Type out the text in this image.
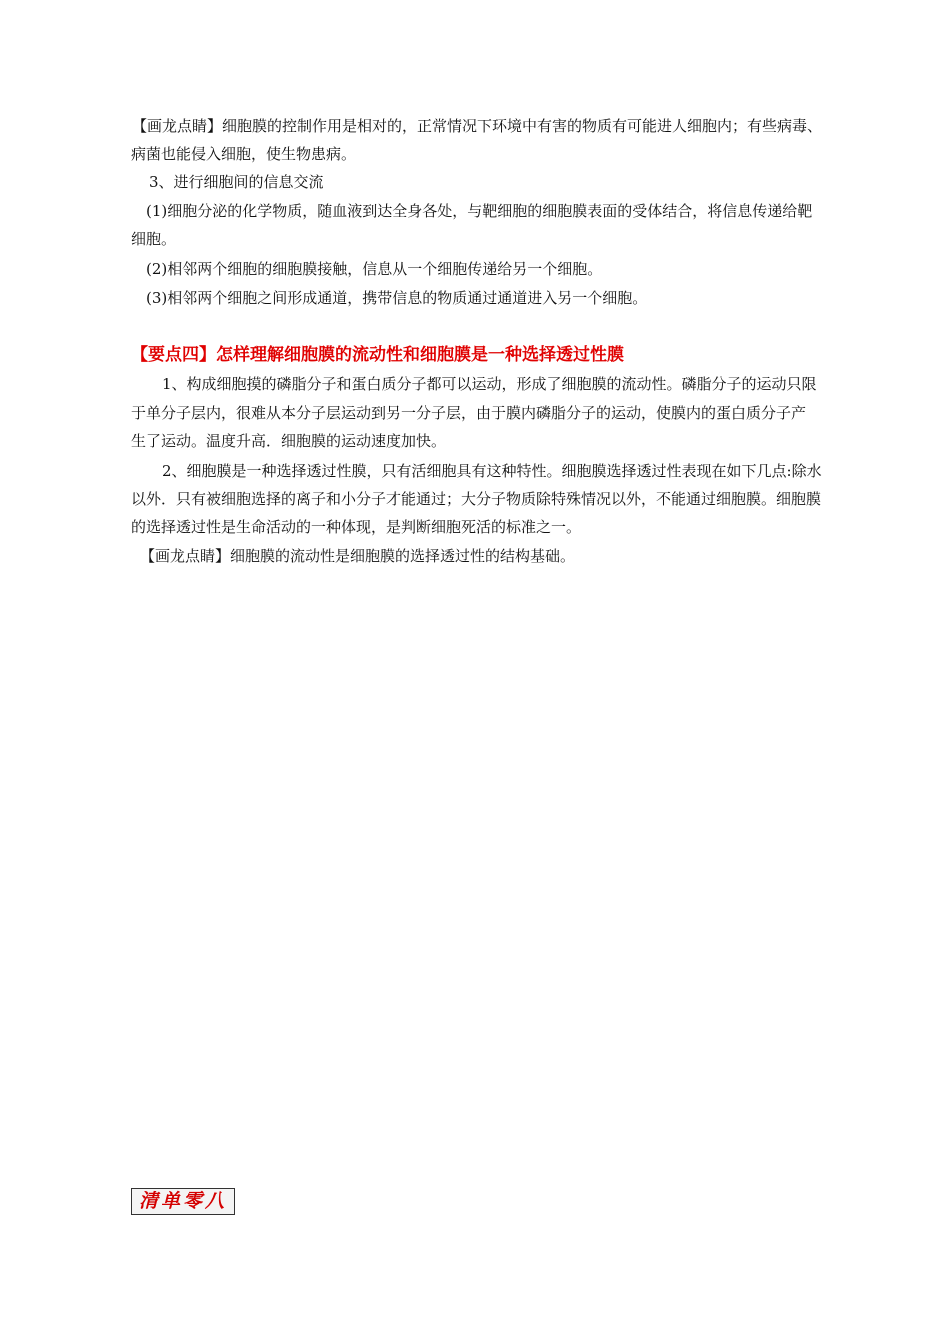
【画龙点睛】细胞膜的控制作用是相对的，正常情况下环境中有害的物质有可能进人细胞内；有些病毒、
病菌也能侵入细胞，使生物患病。
3、进行细胞间的信息交流
(1)细胞分泌的化学物质，随血液到达全身各处，与靶细胞的细胞膜表面的受体结合，将信息传递给靶
细胞。
(2)相邻两个细胞的细胞膜接触，信息从一个细胞传递给另一个细胞。
(3)相邻两个细胞之间形成通道，携带信息的物质通过通道进入另一个细胞。
【要点四】怎样理解细胞膜的流动性和细胞膜是一种选择透过性膜
1、构成细胞摸的磷脂分子和蛋白质分子都可以运动，形成了细胞膜的流动性。磷脂分子的运动只限
于单分子层内，很难从本分子层运动到另一分子层，由于膜内磷脂分子的运动，使膜内的蛋白质分子产
生了运动。温度升高．细胞膜的运动速度加快。
2、细胞膜是一种选择透过性膜，只有活细胞具有这种特性。细胞膜选择透过性表现在如下几点:除水
以外．只有被细胞选择的离子和小分子才能通过；大分子物质除特殊情况以外，不能通过细胞膜。细胞膜
的选择透过性是生命活动的一种体现，是判断细胞死活的标准之一。
【画龙点睛】细胞膜的流动性是细胞膜的选择透过性的结构基础。
清单零八
